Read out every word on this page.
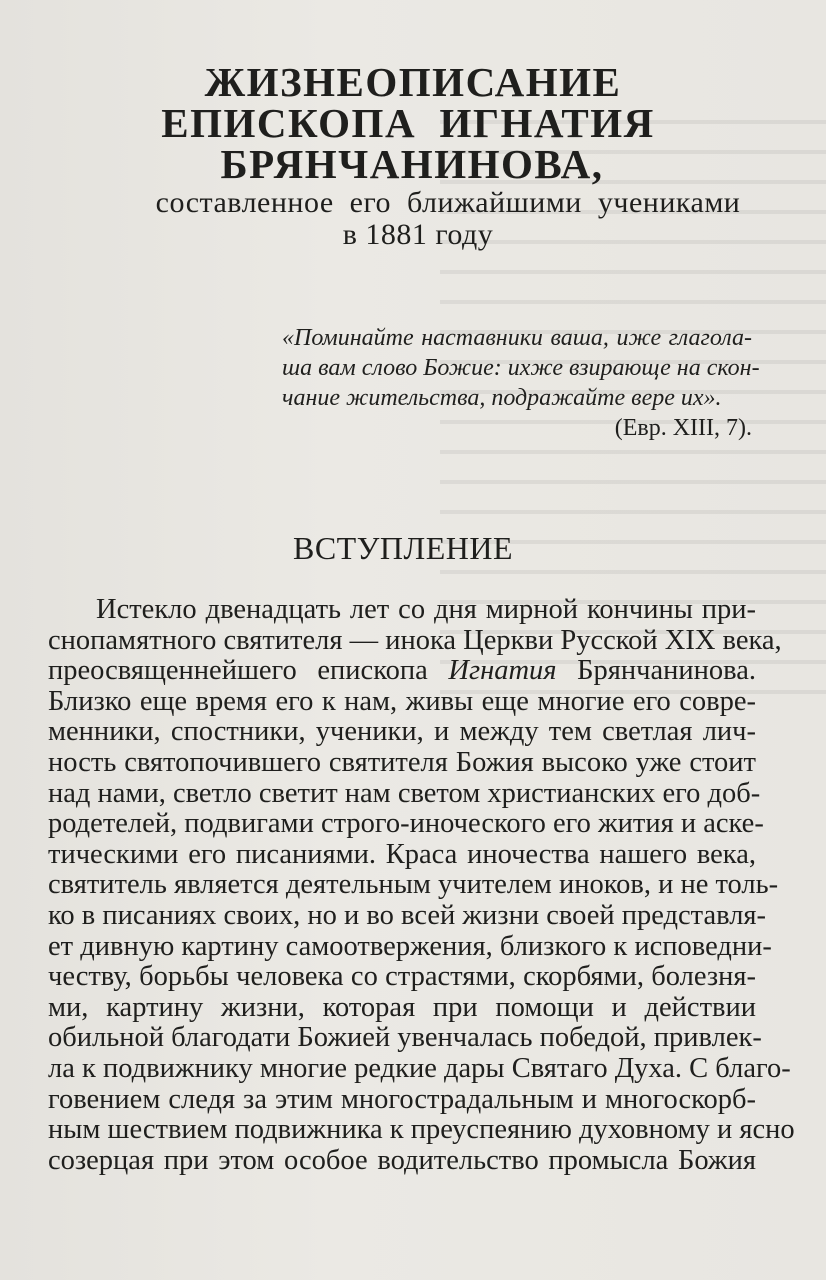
ЖИЗНЕОПИСАНИЕ
ЕПИСКОПА  ИГНАТИЯ
БРЯНЧАНИНОВА,
составленное  его  ближайшими  учениками
в 1881 году
«Поминайте наставники ваша, иже глагола-
ша вам слово Божие: ихже взирающе на скон-
чание жительства, подражайте вере их».
(Евр. XIII, 7).
ВСТУПЛЕНИЕ
Истекло двенадцать лет со дня мирной кончины при-
снопамятного святителя — инока Церкви Русской XIX века,
преосвященнейшего епископа Игнатия Брянчанинова.
Близко еще время его к нам, живы еще многие его совре-
менники, спостники, ученики, и между тем светлая лич-
ность святопочившего святителя Божия высоко уже стоит
над нами, светло светит нам светом христианских его доб-
родетелей, подвигами строго-иноческого его жития и аске-
тическими его писаниями. Краса иночества нашего века,
святитель является деятельным учителем иноков, и не толь-
ко в писаниях своих, но и во всей жизни своей представля-
ет дивную картину самоотвержения, близкого к исповедни-
честву, борьбы человека со страстями, скорбями, болезня-
ми, картину жизни, которая при помощи и действии
обильной благодати Божией увенчалась победой, привлек-
ла к подвижнику многие редкие дары Святаго Духа. С благо-
говением следя за этим многострадальным и многоскорб-
ным шествием подвижника к преуспеянию духовному и ясно
созерцая при этом особое водительство промысла Божия
